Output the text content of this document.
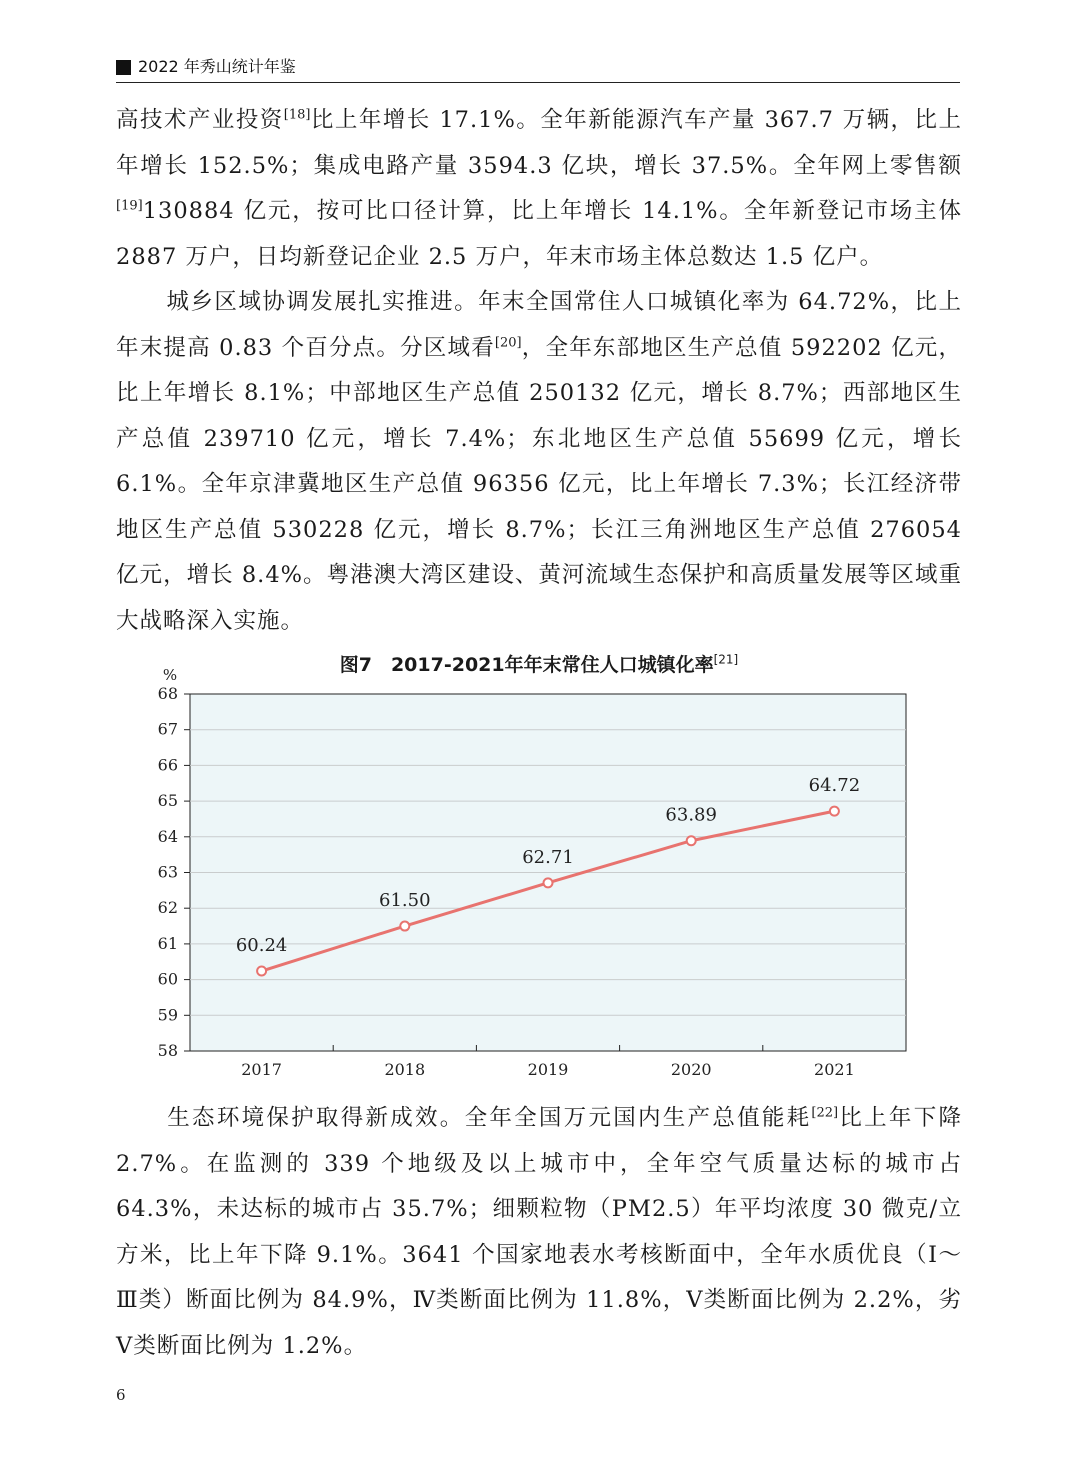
2022 年秀山统计年鉴

高技术产业投资[18]比上年增长 17.1%。全年新能源汽车产量 367.7 万辆，比上年增长 152.5%；集成电路产量 3594.3 亿块，增长 37.5%。全年网上零售额[19]130884 亿元，按可比口径计算，比上年增长 14.1%。全年新登记市场主体 2887 万户，日均新登记企业 2.5 万户，年末市场主体总数达 1.5 亿户。

城乡区域协调发展扎实推进。年末全国常住人口城镇化率为 64.72%，比上年末提高 0.83 个百分点。分区域看[20]，全年东部地区生产总值 592202 亿元，比上年增长 8.1%；中部地区生产总值 250132 亿元，增长 8.7%；西部地区生产总值 239710 亿元，增长 7.4%；东北地区生产总值 55699 亿元，增长 6.1%。全年京津冀地区生产总值 96356 亿元，比上年增长 7.3%；长江经济带地区生产总值 530228 亿元，增长 8.7%；长江三角洲地区生产总值 276054 亿元，增长 8.4%。粤港澳大湾区建设、黄河流域生态保护和高质量发展等区域重大战略深入实施。

图7　2017-2021年年末常住人口城镇化率[21]
%
58
59
60
61
62
63
64
65
66
67
68
2017	2018	2019	2020	2021
60.24
61.50
62.71
63.89
64.72

生态环境保护取得新成效。全年全国万元国内生产总值能耗[22]比上年下降 2.7%。在监测的 339 个地级及以上城市中，全年空气质量达标的城市占 64.3%，未达标的城市占 35.7%；细颗粒物（PM2.5）年平均浓度 30 微克/立方米，比上年下降 9.1%。3641 个国家地表水考核断面中，全年水质优良（Ⅰ～Ⅲ类）断面比例为 84.9%，Ⅳ类断面比例为 11.8%，Ⅴ类断面比例为 2.2%，劣Ⅴ类断面比例为 1.2%。

6
